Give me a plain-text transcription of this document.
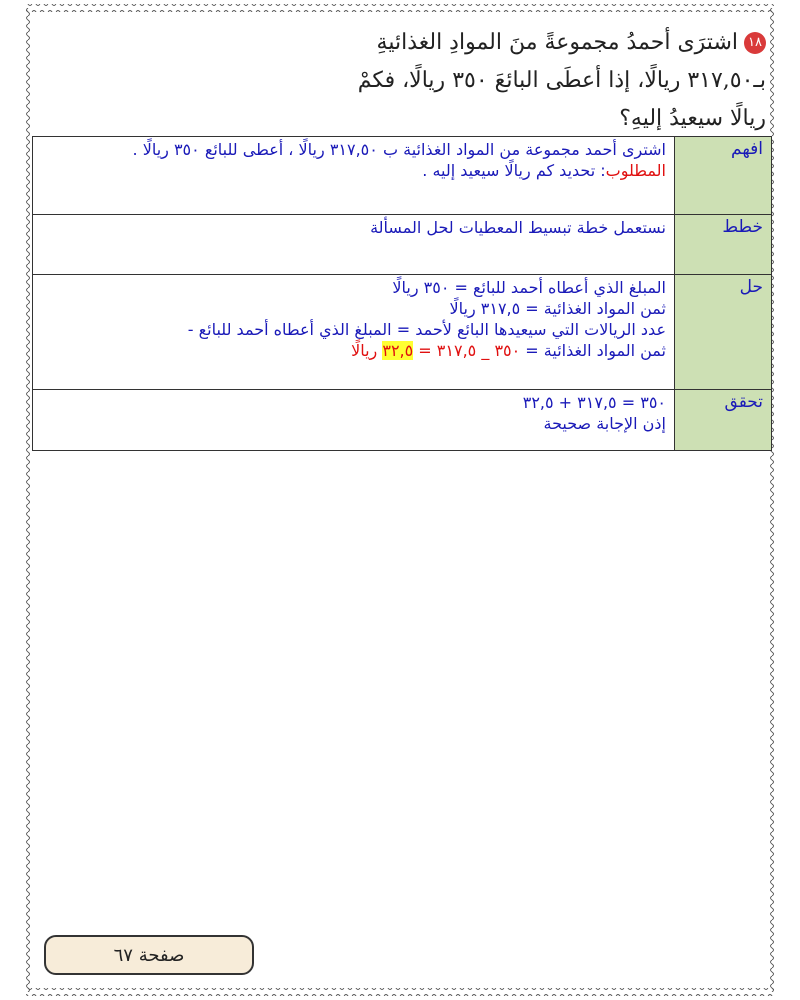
١٨اشترَى أحمدُ مجموعةً منَ الموادِ الغذائيةِ
بـ٣١٧,٥٠ ريالًا، إذا أعطَى البائعَ ٣٥٠ ريالًا، فكمْ
ريالًا سيعيدُ إليهِ؟
افهم	اشترى أحمد مجموعة من المواد الغذائية ب ٣١٧,٥٠ ريالًا ، أعطى للبائع ٣٥٠ ريالًا .
المطلوب: تحديد كم ريالًا سيعيد إليه .

خطط	نستعمل خطة تبسيط المعطيات لحل المسألة

حل	المبلغ الذي أعطاه أحمد للبائع = ٣٥٠ ريالًا
ثمن المواد الغذائية = ٣١٧,٥ ريالًا
عدد الريالات التي سيعيدها البائع لأحمد = المبلغ الذي أعطاه أحمد للبائع -
ثمن المواد الغذائية = ٣٥٠ _ ٣١٧,٥ = ٣٢,٥ ريالًا

تحقق	٣٥٠ = ٣١٧,٥ + ٣٢,٥
إذن الإجابة صحيحة
صفحة ٦٧
